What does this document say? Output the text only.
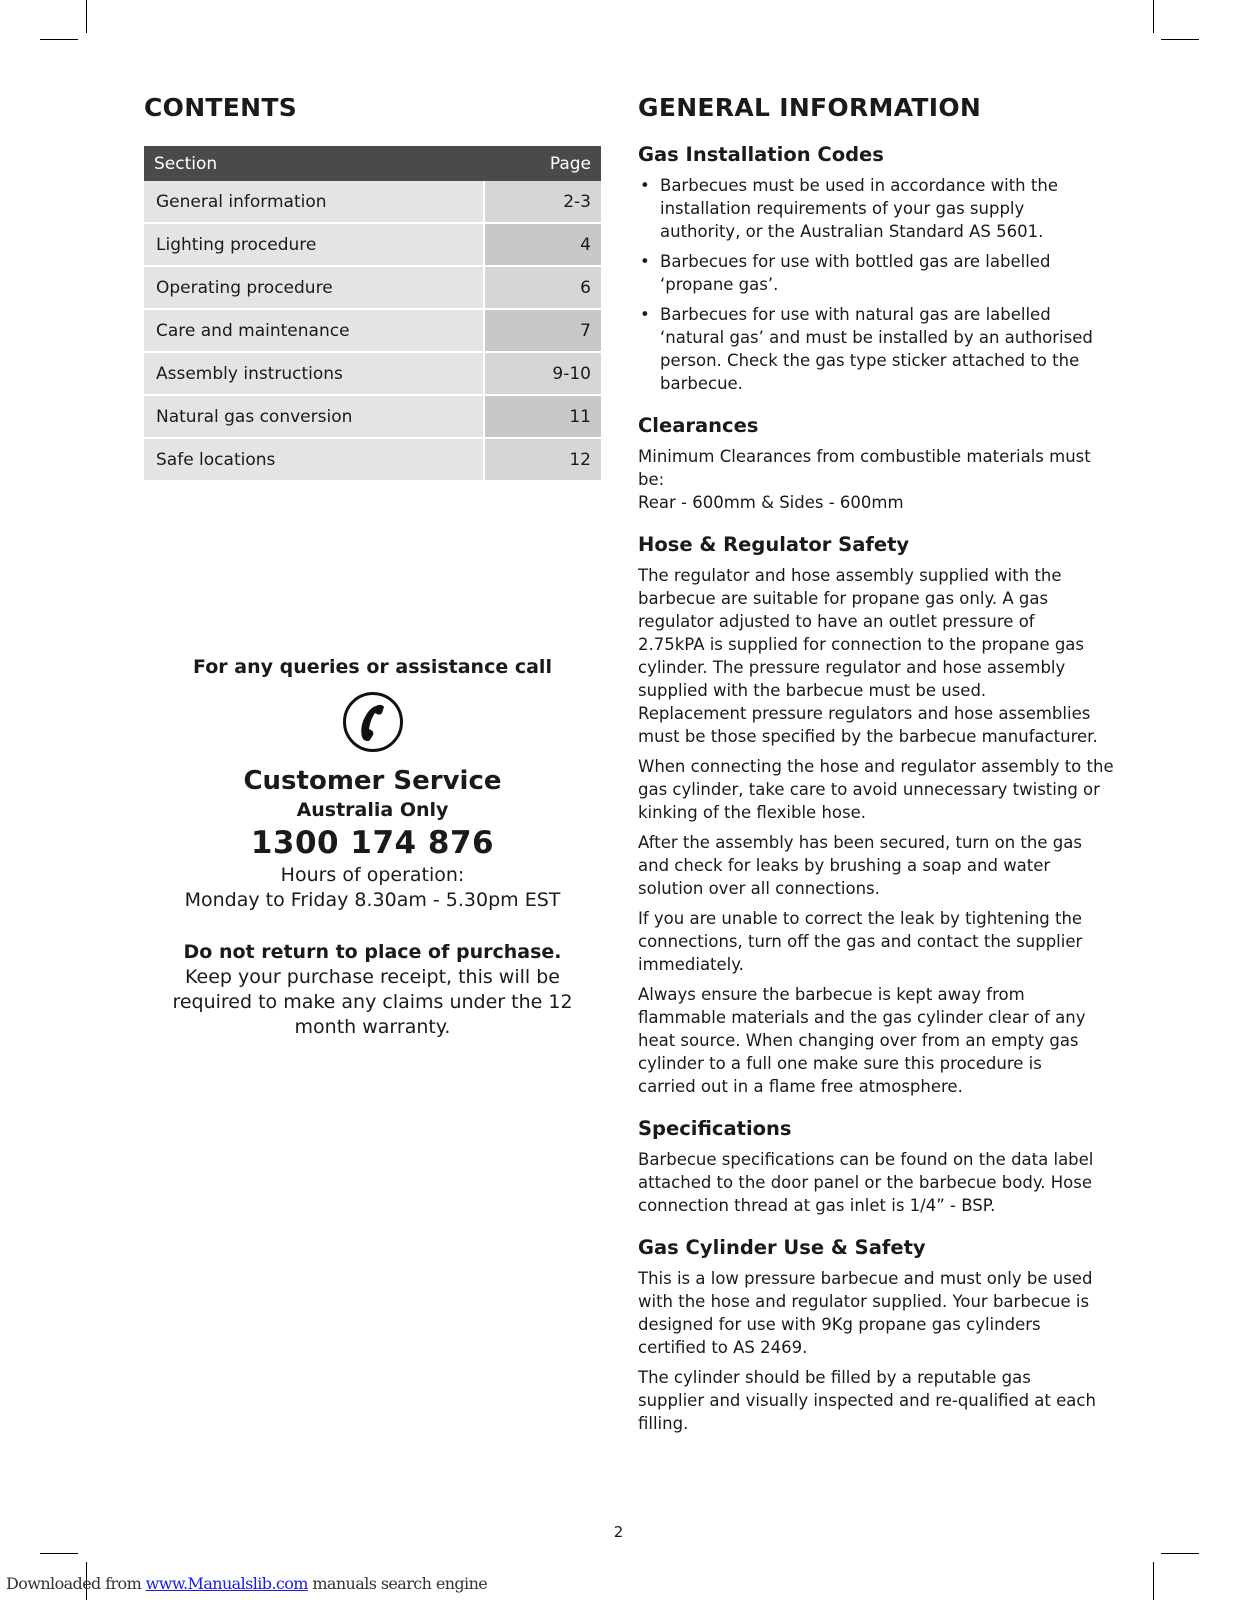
CONTENTS
Section	Page
General information	2-3
Lighting procedure	4
Operating procedure	6
Care and maintenance	7
Assembly instructions	9-10
Natural gas conversion	11
Safe locations	12

For any queries or assistance call

Customer Service

Australia Only

1300 174 876

Hours of operation:

Monday to Friday 8.30am - 5.30pm EST

Do not return to place of purchase.

Keep your purchase receipt, this will be required to make any claims under the 12 month warranty.

GENERAL INFORMATION
Gas Installation Codes
• Barbecues must be used in accordance with the installation requirements of your gas supply authority, or the Australian Standard AS 5601.
• Barbecues for use with bottled gas are labelled ‘propane gas’.
• Barbecues for use with natural gas are labelled ‘natural gas’ and must be installed by an authorised person. Check the gas type sticker attached to the barbecue.
Clearances

Minimum Clearances from combustible materials must be:
Rear - 600mm & Sides - 600mm

Hose & Regulator Safety

The regulator and hose assembly supplied with the barbecue are suitable for propane gas only. A gas regulator adjusted to have an outlet pressure of 2.75kPA is supplied for connection to the propane gas cylinder. The pressure regulator and hose assembly supplied with the barbecue must be used. Replacement pressure regulators and hose assemblies must be those specified by the barbecue manufacturer.

When connecting the hose and regulator assembly to the gas cylinder, take care to avoid unnecessary twisting or kinking of the flexible hose.

After the assembly has been secured, turn on the gas and check for leaks by brushing a soap and water solution over all connections.

If you are unable to correct the leak by tightening the connections, turn off the gas and contact the supplier immediately.

Always ensure the barbecue is kept away from flammable materials and the gas cylinder clear of any heat source. When changing over from an empty gas cylinder to a full one make sure this procedure is carried out in a flame free atmosphere.

Specifications

Barbecue specifications can be found on the data label attached to the door panel or the barbecue body. Hose connection thread at gas inlet is 1/4” - BSP.

Gas Cylinder Use & Safety

This is a low pressure barbecue and must only be used with the hose and regulator supplied. Your barbecue is designed for use with 9Kg propane gas cylinders certified to AS 2469.

The cylinder should be filled by a reputable gas supplier and visually inspected and re-qualified at each filling.

2
Downloaded from www.Manualslib.com manuals search engine
